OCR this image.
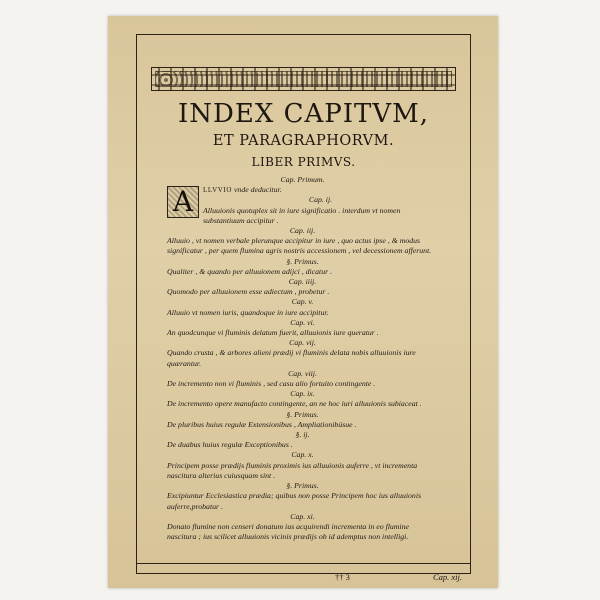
INDEX CAPITVM,
ET PARAGRAPHORVM.
LIBER PRIMVS.
Cap. Primum.
A	LLVVIO vnde deducitur.
Cap. ij.
Alluuionis quotuplex sit in iure significatio . interdum vt nomen substantiuum accipitur .
Cap. iij.
Alluuio , vt nomen verbale plerunque accipitur in iure , quo actus ipse , & modus significatur , per quem flumina agris nostris accessionem , vel decessionem afferunt.
§. Primus.
Qualiter , & quando per alluuionem adijci , dicatur .
Cap. iiij.
Quomodo per alluuionem esse adiectum , probetur .
Cap. v.
Alluuio vt nomen iuris, quandoque in iure accipitur.
Cap. vi.
An quodcunque vi fluminis delatum fuerit, alluuionis iure queratur .
Cap. vij.
Quando crusta , & arbores alieni prædij vi fluminis delata nobis alluuionis iure quærantur.
Cap. viij.
De incremento non vi fluminis , sed casu alio fortuito contingente .
Cap. ix.
De incremento opere manufacto contingente, an ne hoc iuri alluuionis subiaceat .
§. Primus.
De pluribus huius regulæ Extensionibus , Ampliationibúsue .
§. ij.
De duabus huius regulæ Exceptionibus .
Cap. x.
Principem posse prædijs fluminis proximis ius alluuionis auferre , vt incrementa nascitura alterius cuiusquam sint .
§. Primus.
Excipiuntur Ecclesiastica prædia; quibus non posse Principem hoc ius alluuionis auferre,probatur .
Cap. xi.
Donato flumine non censeri donatum ius acquirendi incrementa in eo flumine nascitura ; ius scilicet alluuionis vicinis prædijs ob id ademptus non intelligi.
†† 3	Cap. xij.
